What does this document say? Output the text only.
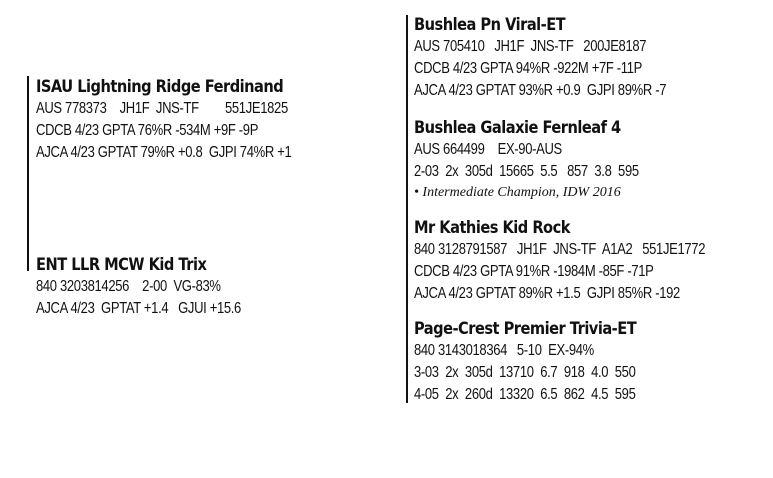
ISAU Lightning Ridge Ferdinand
AUS 778373    JH1F  JNS-TF        551JE1825
CDCB 4/23 GPTA 76%R -534M +9F -9P
AJCA 4/23 GPTAT 79%R +0.8  GJPI 74%R +1
ENT LLR MCW Kid Trix
840 3203814256    2-00  VG-83%
AJCA 4/23  GPTAT +1.4   GJUI +15.6
Bushlea Pn Viral-ET
AUS 705410   JH1F  JNS-TF   200JE8187
CDCB 4/23 GPTA 94%R -922M +7F -11P
AJCA 4/23 GPTAT 93%R +0.9  GJPI 89%R -7
Bushlea Galaxie Fernleaf 4
AUS 664499    EX-90-AUS
2-03  2x  305d  15665  5.5   857  3.8  595
• Intermediate Champion, IDW 2016
Mr Kathies Kid Rock
840 3128791587   JH1F  JNS-TF  A1A2   551JE1772
CDCB 4/23 GPTA 91%R -1984M -85F -71P
AJCA 4/23 GPTAT 89%R +1.5  GJPI 85%R -192
Page-Crest Premier Trivia-ET
840 3143018364   5-10  EX-94%
3-03  2x  305d  13710  6.7  918  4.0  550
4-05  2x  260d  13320  6.5  862  4.5  595
